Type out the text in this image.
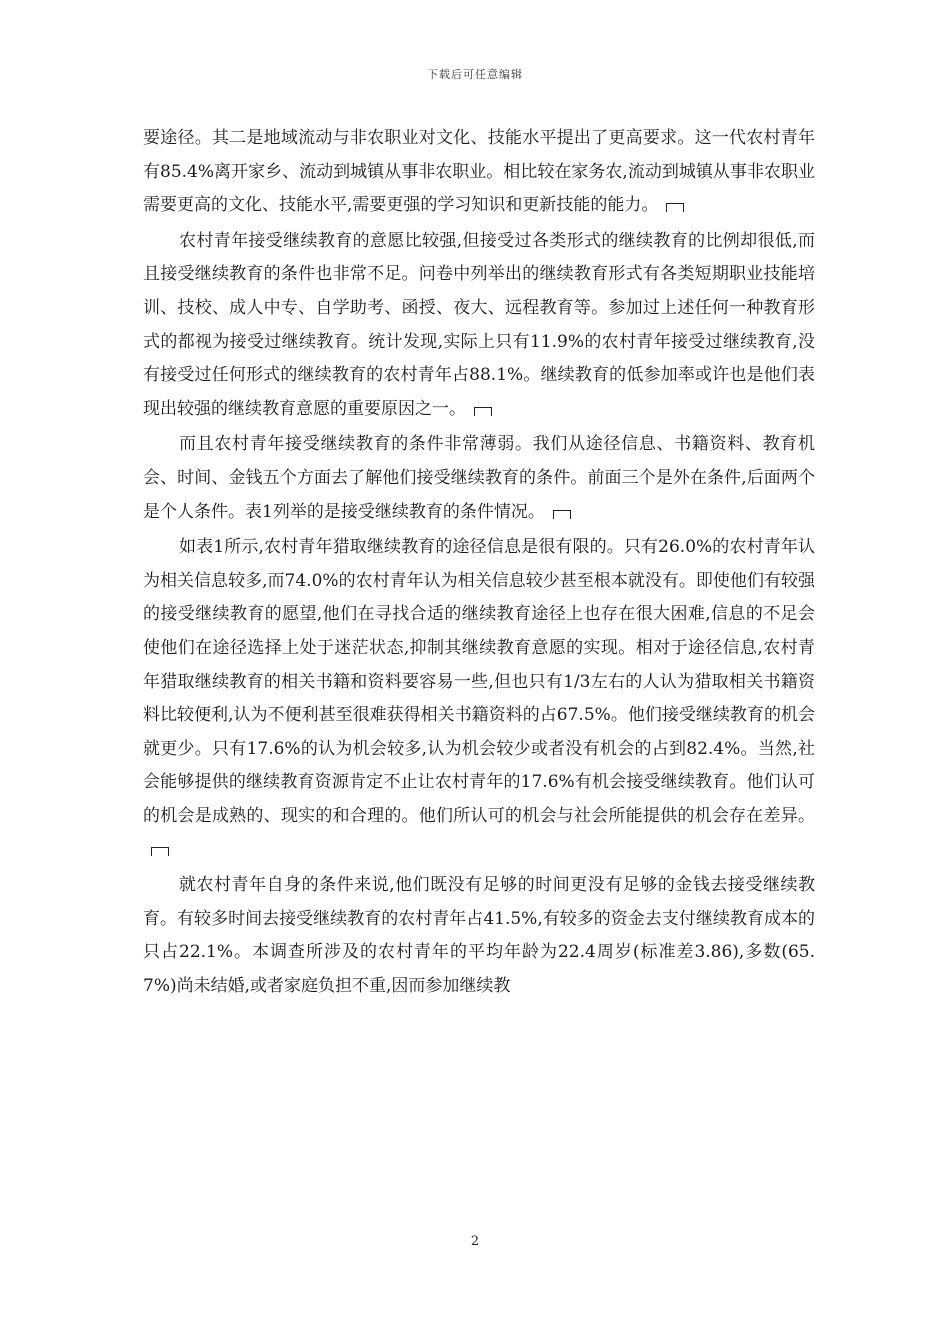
下载后可任意编辑

要途径。其二是地域流动与非农职业对文化、技能水平提出了更高要求。这一代农村青年有85.4%离开家乡、流动到城镇从事非农职业。相比较在家务农,流动到城镇从事非农职业需要更高的文化、技能水平,需要更强的学习知识和更新技能的能力。

农村青年接受继续教育的意愿比较强,但接受过各类形式的继续教育的比例却很低,而且接受继续教育的条件也非常不足。问卷中列举出的继续教育形式有各类短期职业技能培训、技校、成人中专、自学助考、函授、夜大、远程教育等。参加过上述任何一种教育形式的都视为接受过继续教育。统计发现,实际上只有11.9%的农村青年接受过继续教育,没有接受过任何形式的继续教育的农村青年占88.1%。继续教育的低参加率或许也是他们表现出较强的继续教育意愿的重要原因之一。

而且农村青年接受继续教育的条件非常薄弱。我们从途径信息、书籍资料、教育机会、时间、金钱五个方面去了解他们接受继续教育的条件。前面三个是外在条件,后面两个是个人条件。表1列举的是接受继续教育的条件情况。

如表1所示,农村青年猎取继续教育的途径信息是很有限的。只有26.0%的农村青年认为相关信息较多,而74.0%的农村青年认为相关信息较少甚至根本就没有。即使他们有较强的接受继续教育的愿望,他们在寻找合适的继续教育途径上也存在很大困难,信息的不足会使他们在途径选择上处于迷茫状态,抑制其继续教育意愿的实现。相对于途径信息,农村青年猎取继续教育的相关书籍和资料要容易一些,但也只有1/3左右的人认为猎取相关书籍资料比较便利,认为不便利甚至很难获得相关书籍资料的占67.5%。他们接受继续教育的机会就更少。只有17.6%的认为机会较多,认为机会较少或者没有机会的占到82.4%。当然,社会能够提供的继续教育资源肯定不止让农村青年的17.6%有机会接受继续教育。他们认可的机会是成熟的、现实的和合理的。他们所认可的机会与社会所能提供的机会存在差异。

就农村青年自身的条件来说,他们既没有足够的时间更没有足够的金钱去接受继续教育。有较多时间去接受继续教育的农村青年占41.5%,有较多的资金去支付继续教育成本的只占22.1%。本调查所涉及的农村青年的平均年龄为22.4周岁(标准差3.86),多数(65.7%)尚未结婚,或者家庭负担不重,因而参加继续教

2
